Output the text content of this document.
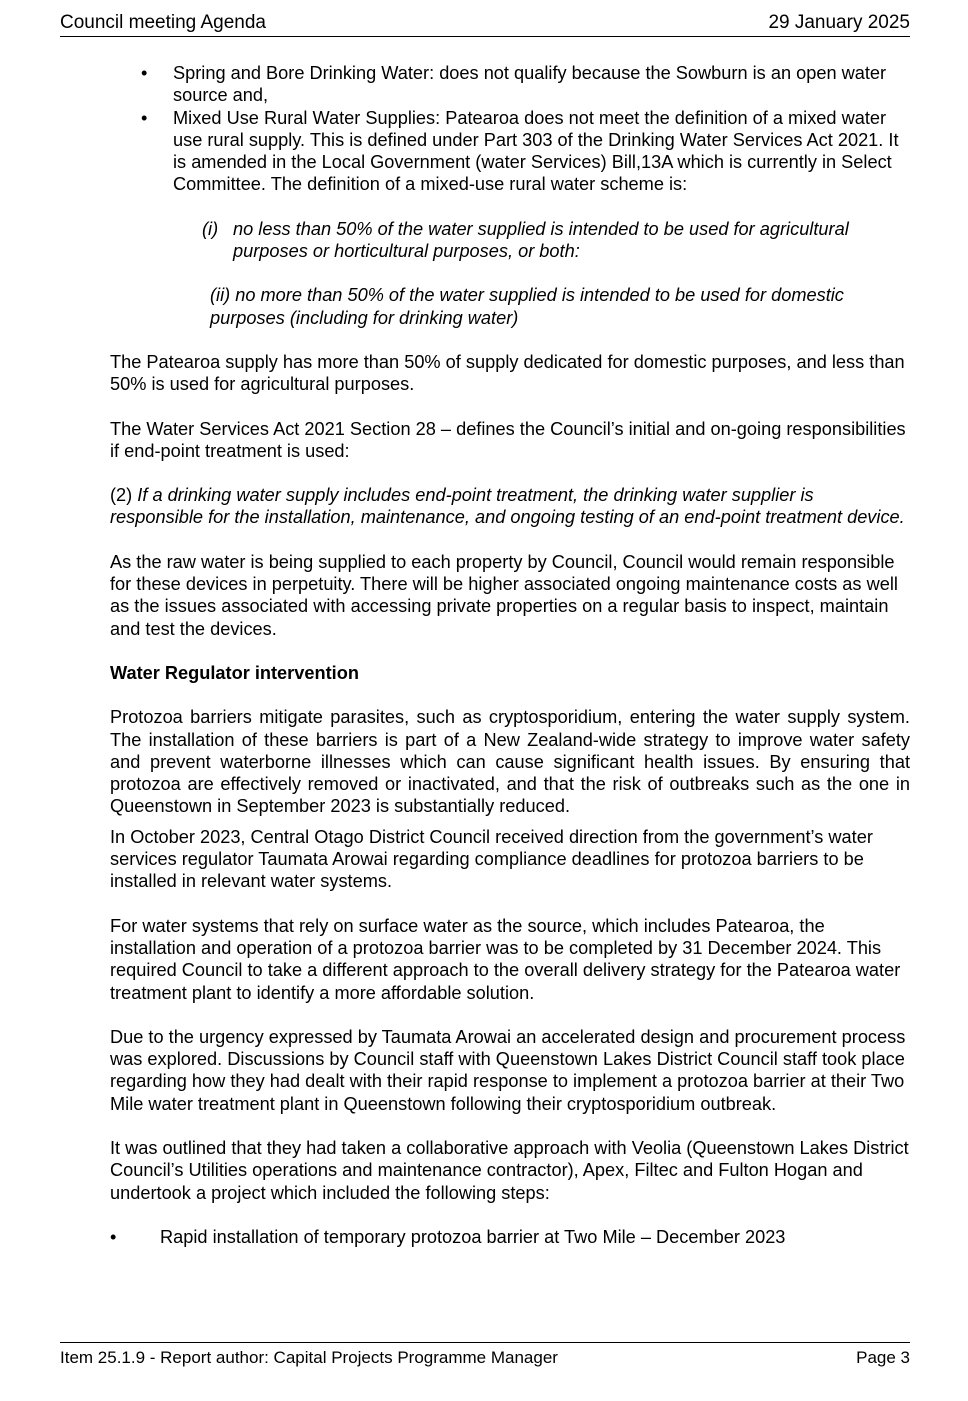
Council meeting Agenda	29 January 2025
• Spring and Bore Drinking Water: does not qualify because the Sowburn is an open water source and,
• Mixed Use Rural Water Supplies: Patearoa does not meet the definition of a mixed water use rural supply. This is defined under Part 303 of the Drinking Water Services Act 2021. It is amended in the Local Government (water Services) Bill,13A which is currently in Select Committee. The definition of a mixed-use rural water scheme is:
(i) no less than 50% of the water supplied is intended to be used for agricultural purposes or horticultural purposes, or both:
(ii) no more than 50% of the water supplied is intended to be used for domestic purposes (including for drinking water)

The Patearoa supply has more than 50% of supply dedicated for domestic purposes, and less than 50% is used for agricultural purposes.

The Water Services Act 2021 Section 28 – defines the Council’s initial and on-going responsibilities if end-point treatment is used:

(2) If a drinking water supply includes end-point treatment, the drinking water supplier is responsible for the installation, maintenance, and ongoing testing of an end-point treatment device.

As the raw water is being supplied to each property by Council, Council would remain responsible for these devices in perpetuity. There will be higher associated ongoing maintenance costs as well as the issues associated with accessing private properties on a regular basis to inspect, maintain and test the devices.

Water Regulator intervention

Protozoa barriers mitigate parasites, such as cryptosporidium, entering the water supply system. The installation of these barriers is part of a New Zealand-wide strategy to improve water safety and prevent waterborne illnesses which can cause significant health issues. By ensuring that protozoa are effectively removed or inactivated, and that the risk of outbreaks such as the one in Queenstown in September 2023 is substantially reduced.

In October 2023, Central Otago District Council received direction from the government’s water services regulator Taumata Arowai regarding compliance deadlines for protozoa barriers to be installed in relevant water systems.

For water systems that rely on surface water as the source, which includes Patearoa, the installation and operation of a protozoa barrier was to be completed by 31 December 2024. This required Council to take a different approach to the overall delivery strategy for the Patearoa water treatment plant to identify a more affordable solution.

Due to the urgency expressed by Taumata Arowai an accelerated design and procurement process was explored. Discussions by Council staff with Queenstown Lakes District Council staff took place regarding how they had dealt with their rapid response to implement a protozoa barrier at their Two Mile water treatment plant in Queenstown following their cryptosporidium outbreak.

It was outlined that they had taken a collaborative approach with Veolia (Queenstown Lakes District Council’s Utilities operations and maintenance contractor), Apex, Filtec and Fulton Hogan and undertook a project which included the following steps:

• Rapid installation of temporary protozoa barrier at Two Mile – December 2023
Item 25.1.9 - Report author: Capital Projects Programme Manager	Page 3
